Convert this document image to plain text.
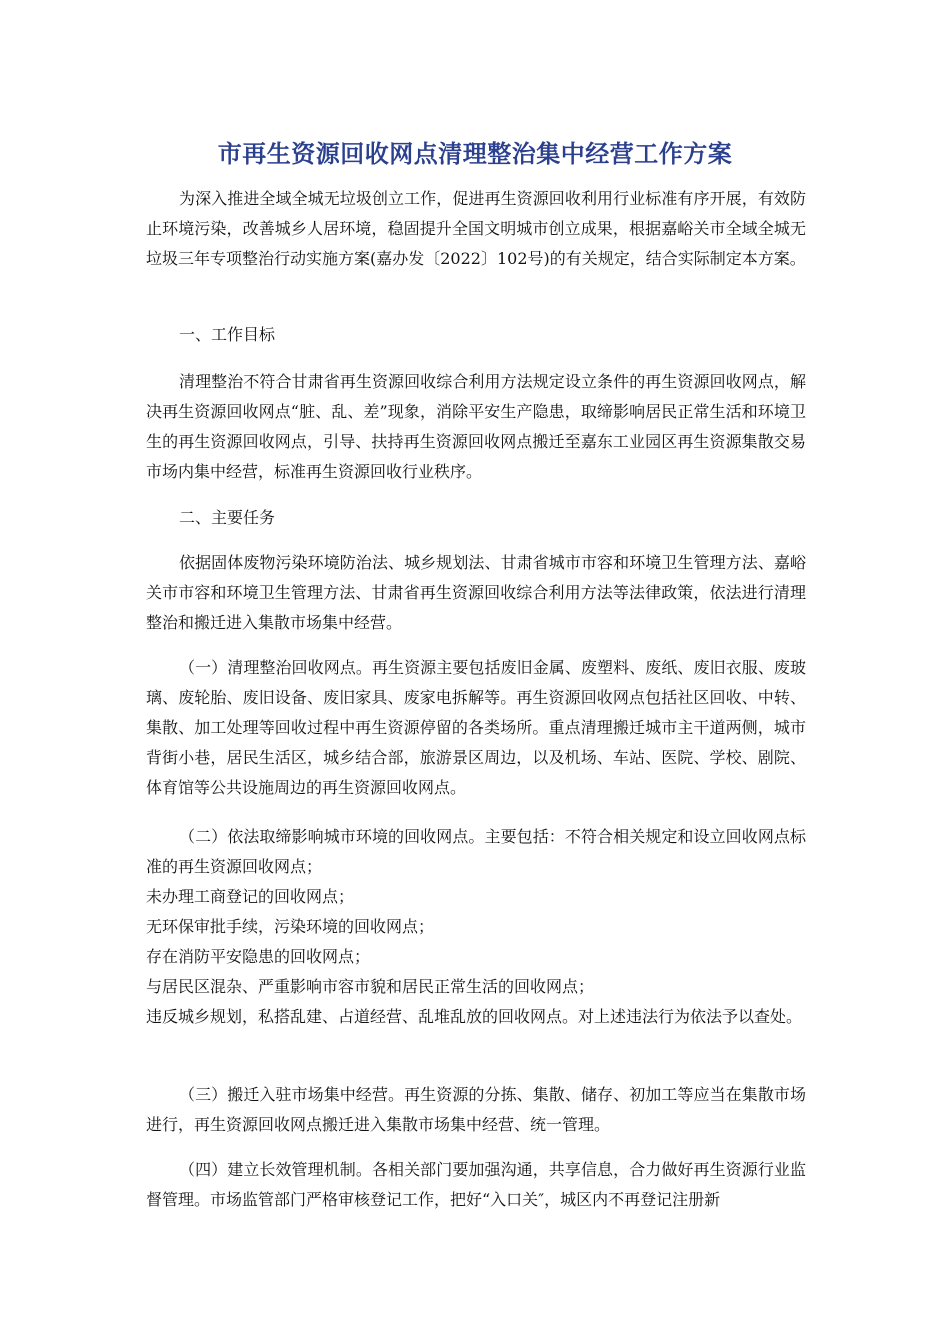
市再生资源回收网点清理整治集中经营工作方案

为深入推进全域全城无垃圾创立工作，促进再生资源回收利用行业标准有序开展，有效防止环境污染，改善城乡人居环境，稳固提升全国文明城市创立成果，根据嘉峪关市全域全城无垃圾三年专项整治行动实施方案(嘉办发〔2022〕102号)的有关规定，结合实际制定本方案。

一、工作目标

清理整治不符合甘肃省再生资源回收综合利用方法规定设立条件的再生资源回收网点，解决再生资源回收网点“脏、乱、差”现象，消除平安生产隐患，取缔影响居民正常生活和环境卫生的再生资源回收网点，引导、扶持再生资源回收网点搬迁至嘉东工业园区再生资源集散交易市场内集中经营，标准再生资源回收行业秩序。

二、主要任务

依据固体废物污染环境防治法、城乡规划法、甘肃省城市市容和环境卫生管理方法、嘉峪关市市容和环境卫生管理方法、甘肃省再生资源回收综合利用方法等法律政策，依法进行清理整治和搬迁进入集散市场集中经营。

（一）清理整治回收网点。再生资源主要包括废旧金属、废塑料、废纸、废旧衣服、废玻璃、废轮胎、废旧设备、废旧家具、废家电拆解等。再生资源回收网点包括社区回收、中转、集散、加工处理等回收过程中再生资源停留的各类场所。重点清理搬迁城市主干道两侧，城市背街小巷，居民生活区，城乡结合部，旅游景区周边，以及机场、车站、医院、学校、剧院、体育馆等公共设施周边的再生资源回收网点。

（二）依法取缔影响城市环境的回收网点。主要包括：不符合相关规定和设立回收网点标准的再生资源回收网点；

未办理工商登记的回收网点；
无环保审批手续，污染环境的回收网点；
存在消防平安隐患的回收网点；
与居民区混杂、严重影响市容市貌和居民正常生活的回收网点；
违反城乡规划，私搭乱建、占道经营、乱堆乱放的回收网点。对上述违法行为依法予以查处。

（三）搬迁入驻市场集中经营。再生资源的分拣、集散、储存、初加工等应当在集散市场进行，再生资源回收网点搬迁进入集散市场集中经营、统一管理。

（四）建立长效管理机制。各相关部门要加强沟通，共享信息，合力做好再生资源行业监督管理。市场监管部门严格审核登记工作，把好“入口关″，城区内不再登记注册新
